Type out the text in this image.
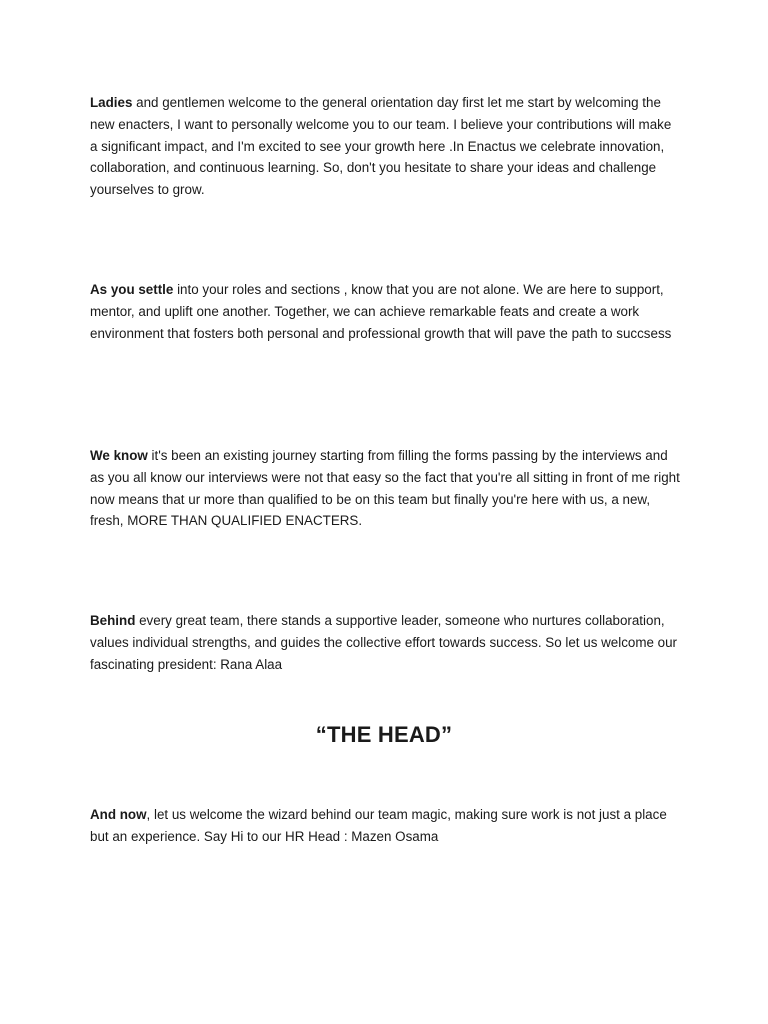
Ladies and gentlemen welcome to the general orientation day first let me start by welcoming the new enacters, I want to personally welcome you to our team. I believe your contributions will make a significant impact, and I'm excited to see your growth here .In Enactus we celebrate innovation, collaboration, and continuous learning. So, don't you hesitate to share your ideas and challenge yourselves to grow.

As you settle into your roles and sections , know that you are not alone. We are here to support, mentor, and uplift one another. Together, we can achieve remarkable feats and create a work environment that fosters both personal and professional growth that will pave the path to succsess

We know it's been an existing journey starting from filling the forms passing by the interviews and as you all know our interviews were not that easy so the fact that you're all sitting in front of me right now means that ur more than qualified to be on this team but finally you're here with us, a new, fresh, MORE THAN QUALIFIED ENACTERS.

Behind every great team, there stands a supportive leader, someone who nurtures collaboration, values individual strengths, and guides the collective effort towards success. So let us welcome our fascinating president: Rana Alaa

“THE HEAD”

And now, let us welcome the wizard behind our team magic, making sure work is not just a place but an experience. Say Hi to our HR Head : Mazen Osama
